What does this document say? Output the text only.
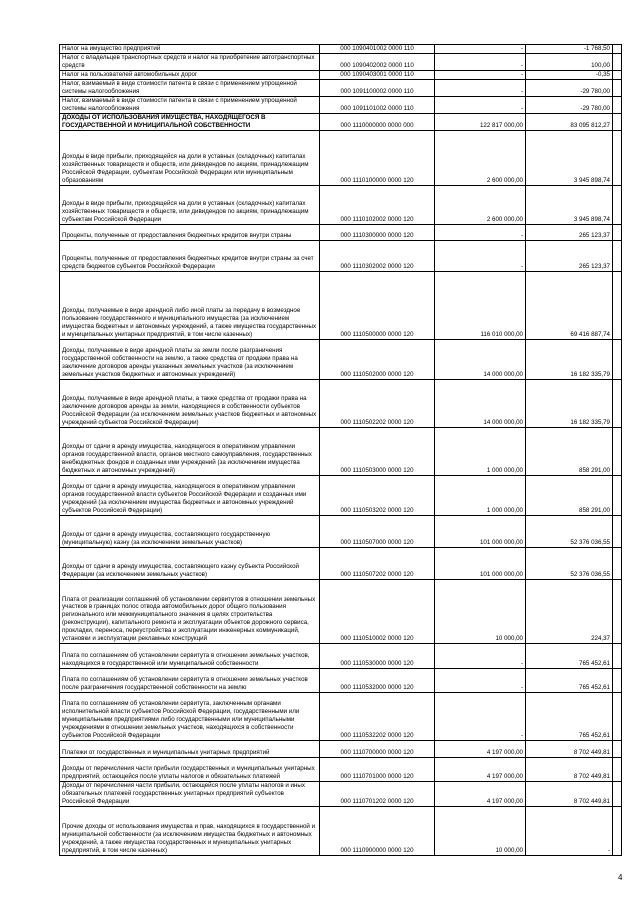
Налог на имущество предприятий	000 1090401002 0000 110	-	-1 768,50	
Налог с владельцев транспортных средств и налог на приобретение автотранспортных средств	000 1090402002 0000 110	-	100,00	
Налог на пользователей автомобильных дорог	000 1090403001 0000 110	-	-0,35	
Налог, взимаемый в виде стоимости патента в связи с применением упрощенной системы налогообложения	000 1091100002 0000 110	-	-29 780,00	
Налог, взимаемый в виде стоимости патента в связи с применением упрощенной системы налогообложения	000 1091101002 0000 110	-	-29 780,00	
ДОХОДЫ ОТ ИСПОЛЬЗОВАНИЯ ИМУЩЕСТВА, НАХОДЯЩЕГОСЯ В ГОСУДАРСТВЕННОЙ И МУНИЦИПАЛЬНОЙ СОБСТВЕННОСТИ	000 1110000000 0000 000	122 817 000,00	83 095 812,27	
Доходы в виде прибыли, приходящейся на доли в уставных (складочных) капиталах хозяйственных товариществ и обществ, или дивидендов по акциям, принадлежащим Российской Федерации, субъектам Российской Федерации или муниципальным образованиям	000 1110100000 0000 120	2 600 000,00	3 945 898,74	
Доходы в виде прибыли, приходящейся на доли в уставных (складочных) капиталах хозяйственных товариществ и обществ, или дивидендов по акциям, принадлежащим субъектам Российской Федерации	000 1110102002 0000 120	2 600 000,00	3 945 898,74	
Проценты, полученные от предоставления бюджетных кредитов внутри страны	000 1110300000 0000 120	-	265 123,37	
Проценты, полученные от предоставления бюджетных кредитов внутри страны за счет средств бюджетов субъектов Российской Федерации	000 1110302002 0000 120	-	265 123,37	
Доходы, получаемые в виде арендной либо иной платы за передачу в возмездное пользование государственного и муниципального имущества (за исключением имущества бюджетных и автономных учреждений, а также имущества государственных и муниципальных унитарных предприятий, в том числе казенных)	000 1110500000 0000 120	116 010 000,00	69 416 887,74	
Доходы, получаемые в виде арендной платы за земли после разграничения государственной собственности на землю, а также средства от продажи права на заключение договоров аренды указанных земельных участков (за исключением земельных участков бюджетных и автономных учреждений)	000 1110502000 0000 120	14 000 000,00	16 182 335,79	
Доходы, получаемые в виде арендной платы, а также средства от продажи права на заключение договоров аренды за земли, находящиеся в собственности субъектов Российской Федерации (за исключением земельных участков бюджетных и автономных учреждений субъектов Российской Федерации)	000 1110502202 0000 120	14 000 000,00	16 182 335,79	
Доходы от сдачи в аренду имущества, находящегося в оперативном управлении органов государственной власти, органов местного самоуправления, государственных внебюджетных фондов и созданных ими учреждений (за исключением имущества бюджетных и автономных учреждений)	000 1110503000 0000 120	1 000 000,00	858 291,00	
Доходы от сдачи в аренду имущества, находящегося в оперативном управлении органов государственной власти субъектов Российской Федерации и созданных ими учреждений (за исключением имущества бюджетных и автономных учреждений субъектов Российской Федерации)	000 1110503202 0000 120	1 000 000,00	858 291,00	
Доходы от сдачи в аренду имущества, составляющего государственную (муниципальную) казну (за исключением земельных участков)	000 1110507000 0000 120	101 000 000,00	52 376 036,55	
Доходы от сдачи в аренду имущества, составляющего казну субъекта Российской Федерации (за исключением земельных участков)	000 1110507202 0000 120	101 000 000,00	52 376 036,55	
Плата от реализации соглашений об установлении сервитутов в отношении земельных участков в границах полос отвода автомобильных дорог общего пользования регионального или межмуниципального значения в целях строительства (реконструкции), капитального ремонта и эксплуатации объектов дорожного сервиса, прокладки, переноса, переустройства и эксплуатации инженерных коммуникаций, установки и эксплуатации рекламных конструкций	000 1110510002 0000 120	10 000,00	224,37	
Плата по соглашениям об установлении сервитута в отношении земельных участков, находящихся в государственной или муниципальной собственности	000 1110530000 0000 120	-	765 452,61	
Плата по соглашениям об установлении сервитута в отношении земельных участков после разграничения государственной собственности на землю	000 1110532000 0000 120	-	765 452,61	
Плата по соглашениям об установлении сервитута, заключенным органами исполнительной власти субъектов Российской Федерации, государственными или муниципальными предприятиями либо государственными или муниципальными учреждениями в отношении земельных участков, находящихся в собственности субъектов Российской Федерации	000 1110532202 0000 120	-	765 452,61	
Платежи от государственных и муниципальных унитарных предприятий	000 1110700000 0000 120	4 197 000,00	8 702 449,81	
Доходы от перечисления части прибыли государственных и муниципальных унитарных предприятий, остающейся после уплаты налогов и обязательных платежей	000 1110701000 0000 120	4 197 000,00	8 702 449,81	
Доходы от перечисления части прибыли, остающейся после уплаты налогов и иных обязательных платежей государственных унитарных предприятий субъектов Российской Федерации	000 1110701202 0000 120	4 197 000,00	8 702 449,81	
Прочие доходы от использования имущества и прав, находящихся в государственной и муниципальной собственности (за исключением имущества бюджетных и автономных учреждений, а также имущества государственных и муниципальных унитарных предприятий, в том числе казенных)	000 1110900000 0000 120	10 000,00	-	
4
